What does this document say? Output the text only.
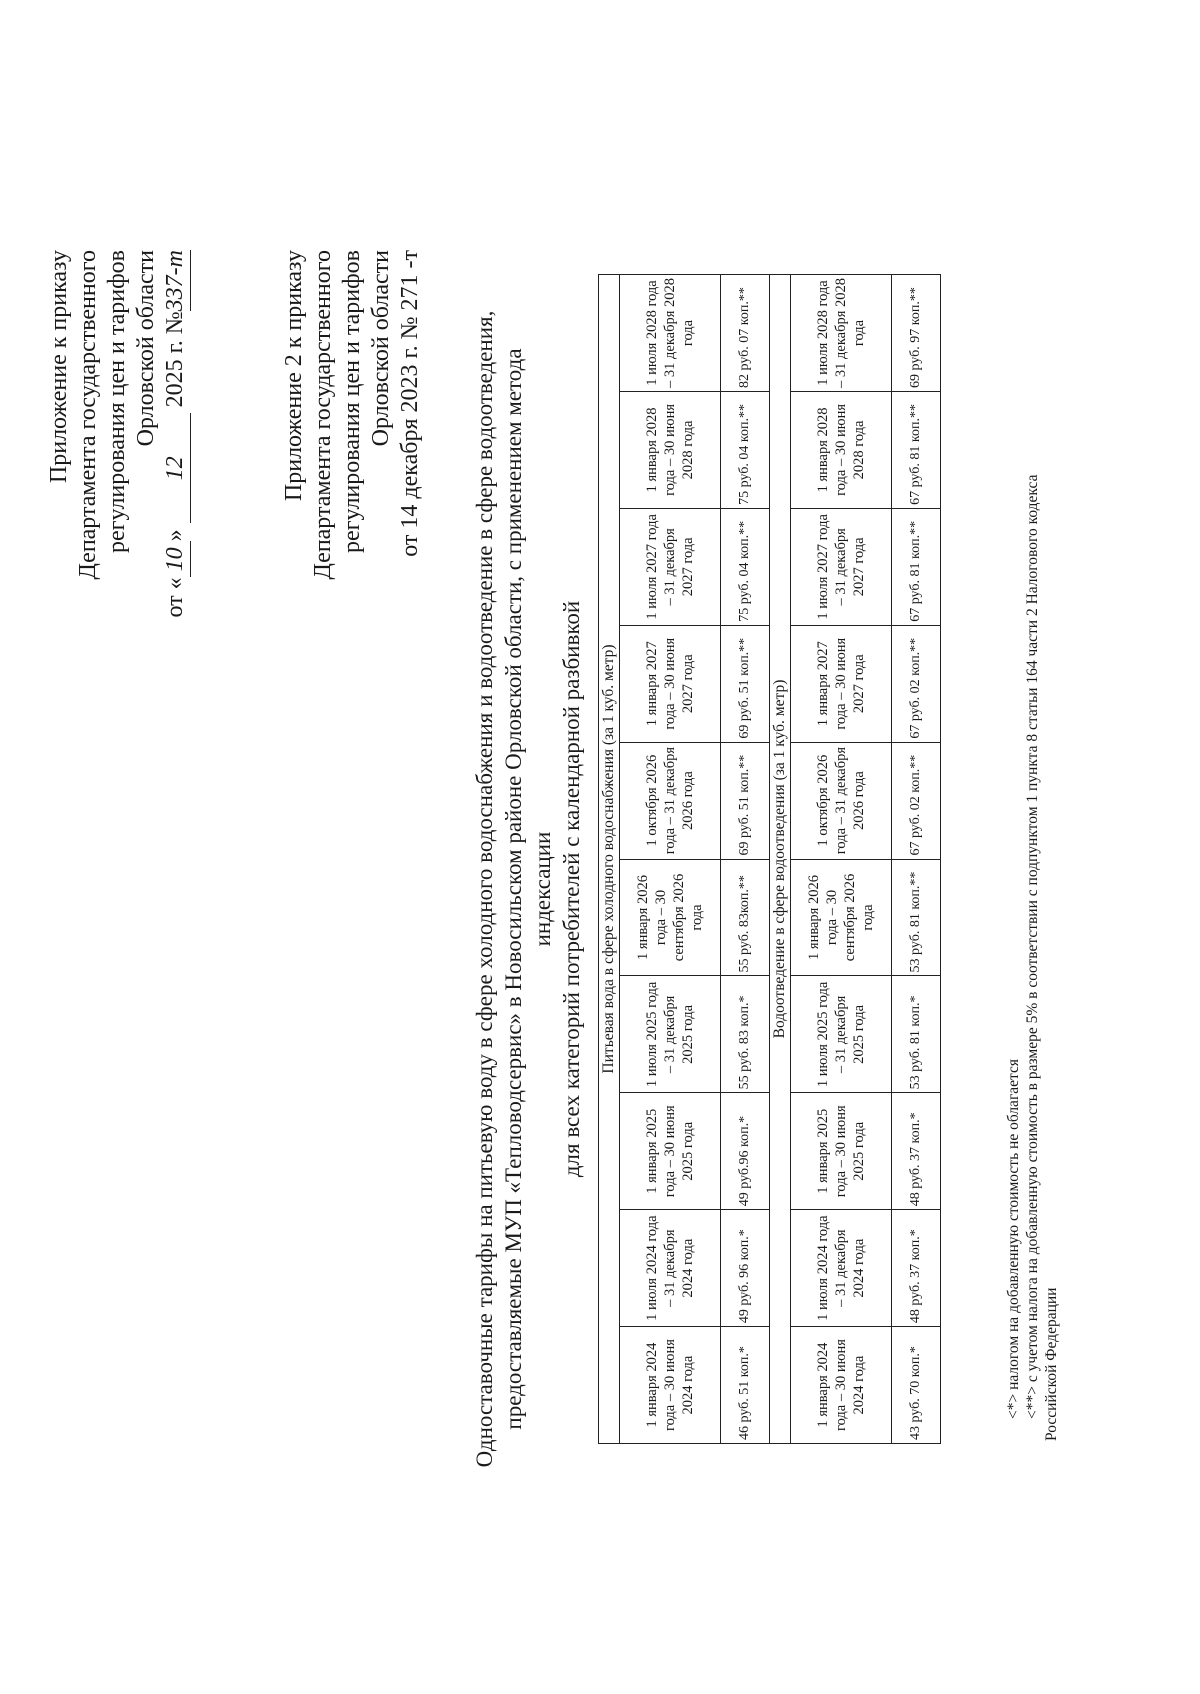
Приложение к приказу Департамента государственного регулирования цен и тарифов Орловской области
от «10» 12 2025 г. №337-т	Приложение 2 к приказу Департамента государственного регулирования цен и тарифов Орловской области от 14 декабря 2023 г. № 271 -т Одноставочные тарифы на питьевую воду в сфере холодного водоснабжения и водоотведение в сфере водоотведения, предоставляемые МУП «Тепловодсервис» в Новосильском районе Орловской области, с применением метода индексации для всех категорий потребителей с календарной разбивкой Питьевая вода в сфере холодного водоснабжения (за 1 куб. метр)									
1 января 2024 года – 30 июня 2024 года	1 июля 2024 года – 31 декабря 2024 года	1 января 2025 года – 30 июня 2025 года	1 июля 2025 года – 31 декабря 2025 года	1 января 2026 года – 30 сентября 2026 года	1 октября 2026 года – 31 декабря 2026 года	1 января 2027 года – 30 июня 2027 года	1 июля 2027 года – 31 декабря 2027 года	1 января 2028 года – 30 июня 2028 года	1 июля 2028 года – 31 декабря 2028 года
46 руб. 51 коп.*	49 руб. 96 коп.*	49 руб.96 коп.*	55 руб. 83 коп.*	55 руб. 83коп.**	69 руб. 51 коп.**	69 руб. 51 коп.**	75 руб. 04 коп.**	75 руб. 04 коп.**	82 руб. 07 коп.**
Водоотведение в сфере водоотведения (за 1 куб. метр)									
1 января 2024 года – 30 июня 2024 года	1 июля 2024 года – 31 декабря 2024 года	1 января 2025 года – 30 июня 2025 года	1 июля 2025 года – 31 декабря 2025 года	1 января 2026 года – 30 сентября 2026 года	1 октября 2026 года – 31 декабря 2026 года	1 января 2027 года – 30 июня 2027 года	1 июля 2027 года – 31 декабря 2027 года	1 января 2028 года – 30 июня 2028 года	1 июля 2028 года – 31 декабря 2028 года
43 руб. 70 коп.*	48 руб. 37 коп.*	48 руб. 37 коп.*	53 руб. 81 коп.*	53 руб. 81 коп.**	67 руб. 02 коп.**	67 руб. 02 коп.**	67 руб. 81 коп.**	67 руб. 81 коп.**	69 руб. 97 коп.**
<*> налогом на добавленную стоимость не облагается <**> с учетом налога на добавленную стоимость в размере 5% в соответствии с подпунктом 1 пункта 8 статьи 164 части 2 Налогового кодекса Российской Федерации
